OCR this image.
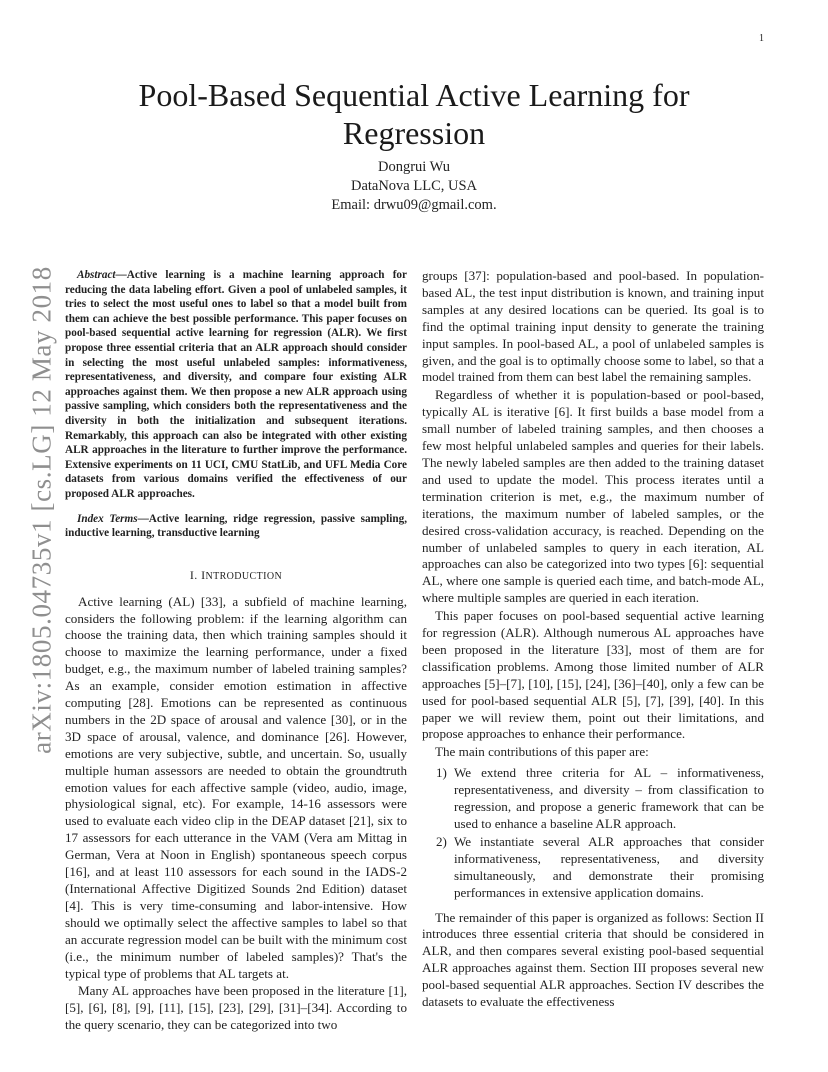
1
arXiv:1805.04735v1 [cs.LG] 12 May 2018
Pool-Based Sequential Active Learning for Regression
Dongrui Wu
DataNova LLC, USA
Email: drwu09@gmail.com.

Abstract—Active learning is a machine learning approach for reducing the data labeling effort. Given a pool of unlabeled samples, it tries to select the most useful ones to label so that a model built from them can achieve the best possible performance. This paper focuses on pool-based sequential active learning for regression (ALR). We first propose three essential criteria that an ALR approach should consider in selecting the most useful unlabeled samples: informativeness, representativeness, and diversity, and compare four existing ALR approaches against them. We then propose a new ALR approach using passive sampling, which considers both the representativeness and the diversity in both the initialization and subsequent iterations. Remarkably, this approach can also be integrated with other existing ALR approaches in the literature to further improve the performance. Extensive experiments on 11 UCI, CMU StatLib, and UFL Media Core datasets from various domains verified the effectiveness of our proposed ALR approaches.

Index Terms—Active learning, ridge regression, passive sampling, inductive learning, transductive learning

I. INTRODUCTION

Active learning (AL) [33], a subfield of machine learning, considers the following problem: if the learning algorithm can choose the training data, then which training samples should it choose to maximize the learning performance, under a fixed budget, e.g., the maximum number of labeled training samples? As an example, consider emotion estimation in affective computing [28]. Emotions can be represented as continuous numbers in the 2D space of arousal and valence [30], or in the 3D space of arousal, valence, and dominance [26]. However, emotions are very subjective, subtle, and uncertain. So, usually multiple human assessors are needed to obtain the groundtruth emotion values for each affective sample (video, audio, image, physiological signal, etc). For example, 14-16 assessors were used to evaluate each video clip in the DEAP dataset [21], six to 17 assessors for each utterance in the VAM (Vera am Mittag in German, Vera at Noon in English) spontaneous speech corpus [16], and at least 110 assessors for each sound in the IADS-2 (International Affective Digitized Sounds 2nd Edition) dataset [4]. This is very time-consuming and labor-intensive. How should we optimally select the affective samples to label so that an accurate regression model can be built with the minimum cost (i.e., the minimum number of labeled samples)? That's the typical type of problems that AL targets at.

Many AL approaches have been proposed in the literature [1], [5], [6], [8], [9], [11], [15], [23], [29], [31]–[34]. According to the query scenario, they can be categorized into two

groups [37]: population-based and pool-based. In population-based AL, the test input distribution is known, and training input samples at any desired locations can be queried. Its goal is to find the optimal training input density to generate the training input samples. In pool-based AL, a pool of unlabeled samples is given, and the goal is to optimally choose some to label, so that a model trained from them can best label the remaining samples.

Regardless of whether it is population-based or pool-based, typically AL is iterative [6]. It first builds a base model from a small number of labeled training samples, and then chooses a few most helpful unlabeled samples and queries for their labels. The newly labeled samples are then added to the training dataset and used to update the model. This process iterates until a termination criterion is met, e.g., the maximum number of iterations, the maximum number of labeled samples, or the desired cross-validation accuracy, is reached. Depending on the number of unlabeled samples to query in each iteration, AL approaches can also be categorized into two types [6]: sequential AL, where one sample is queried each time, and batch-mode AL, where multiple samples are queried in each iteration.

This paper focuses on pool-based sequential active learning for regression (ALR). Although numerous AL approaches have been proposed in the literature [33], most of them are for classification problems. Among those limited number of ALR approaches [5]–[7], [10], [15], [24], [36]–[40], only a few can be used for pool-based sequential ALR [5], [7], [39], [40]. In this paper we will review them, point out their limitations, and propose approaches to enhance their performance.

The main contributions of this paper are:

1) We extend three criteria for AL – informativeness, representativeness, and diversity – from classification to regression, and propose a generic framework that can be used to enhance a baseline ALR approach.
2) We instantiate several ALR approaches that consider informativeness, representativeness, and diversity simultaneously, and demonstrate their promising performances in extensive application domains.

The remainder of this paper is organized as follows: Section II introduces three essential criteria that should be considered in ALR, and then compares several existing pool-based sequential ALR approaches against them. Section III proposes several new pool-based sequential ALR approaches. Section IV describes the datasets to evaluate the effectiveness
